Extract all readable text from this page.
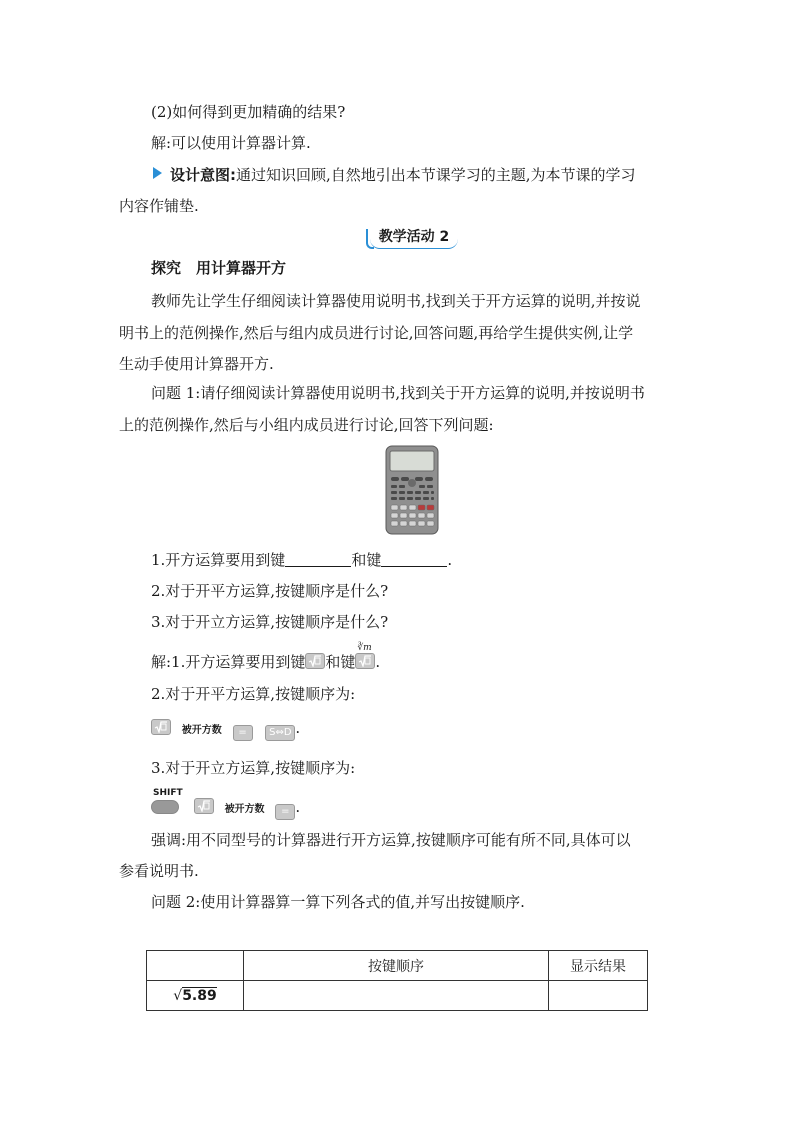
(2)如何得到更加精确的结果?
解:可以使用计算器计算.
设计意图:通过知识回顾,自然地引出本节课学习的主题,为本节课的学习
内容作铺垫.
教学活动 2
探究　用计算器开方
教师先让学生仔细阅读计算器使用说明书,找到关于开方运算的说明,并按说
明书上的范例操作,然后与组内成员进行讨论,回答问题,再给学生提供实例,让学
生动手使用计算器开方.
问题 1:请仔细阅读计算器使用说明书,找到关于开方运算的说明,并按说明书
上的范例操作,然后与小组内成员进行讨论,回答下列问题:
1.开方运算要用到键	和键	.
2.对于开平方运算,按键顺序是什么?
3.对于开立方运算,按键顺序是什么?
解:1.开方运算要用到键 和键
∛m
.
2.对于开平方运算,按键顺序为:
被开方数 = S⇔D .
3.对于开立方运算,按键顺序为:
SHIFT

被开方数 = .
强调:用不同型号的计算器进行开方运算,按键顺序可能有所不同,具体可以
参看说明书.
问题 2:使用计算器算一算下列各式的值,并写出按键顺序.
	按键顺序	显示结果
√5.89		
